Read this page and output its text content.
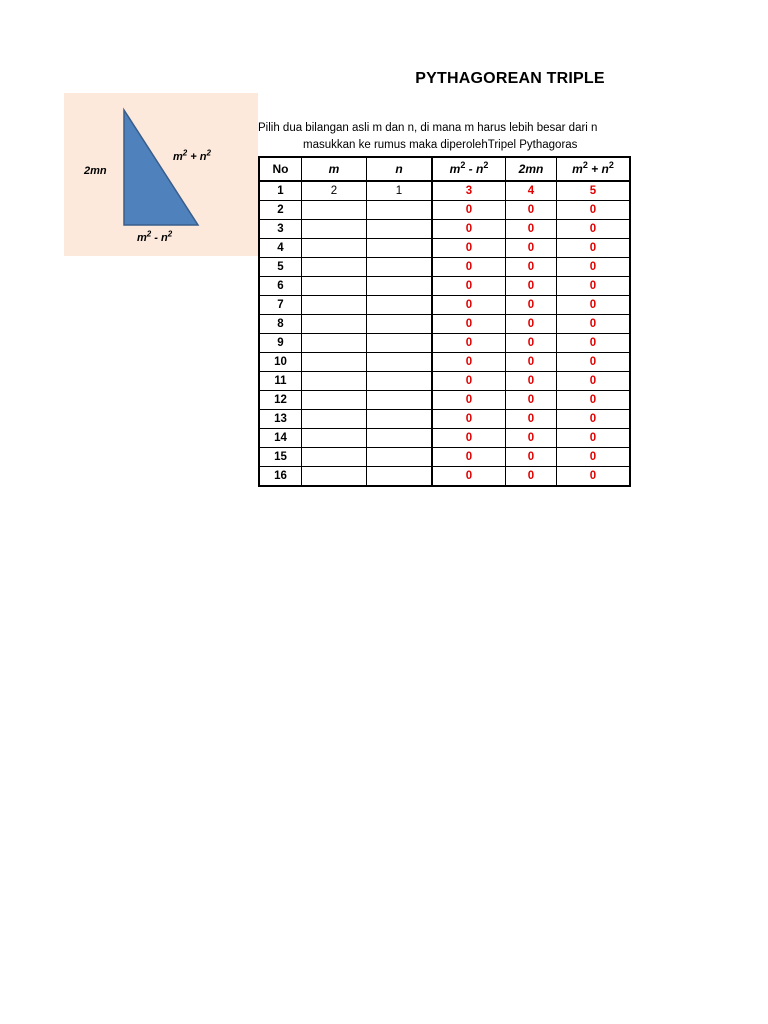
PYTHAGOREAN TRIPLE
2mn
$m^2 + n^2$
$m^2 - n^2$
Pilih dua bilangan asli m dan n, di mana m harus lebih besar dari n
masukkan ke rumus maka diperolehTripel Pythagoras
No	m	n	$m^2 - n^2$	2mn	$m^2 + n^2$
1	2	1	3	4	5
2			0	0	0
3			0	0	0
4			0	0	0
5			0	0	0
6			0	0	0
7			0	0	0
8			0	0	0
9			0	0	0
10			0	0	0
11			0	0	0
12			0	0	0
13			0	0	0
14			0	0	0
15			0	0	0
16			0	0	0
